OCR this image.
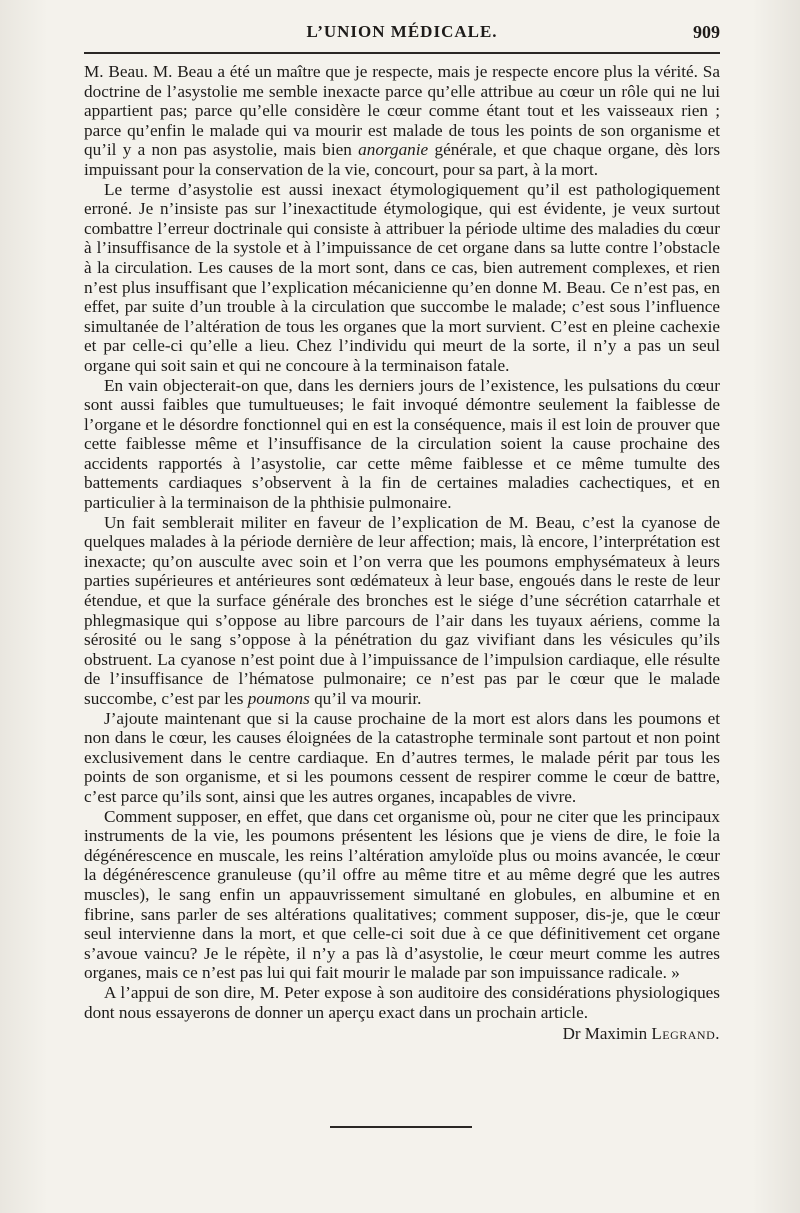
L’UNION MÉDICALE.	909

M. Beau. M. Beau a été un maître que je respecte, mais je respecte encore plus la vérité. Sa doctrine de l’asystolie me semble inexacte parce qu’elle attribue au cœur un rôle qui ne lui appartient pas; parce qu’elle considère le cœur comme étant tout et les vaisseaux rien ; parce qu’enfin le malade qui va mourir est malade de tous les points de son organisme et qu’il y a non pas asystolie, mais bien anorganie générale, et que chaque organe, dès lors impuissant pour la conservation de la vie, concourt, pour sa part, à la mort.

Le terme d’asystolie est aussi inexact étymologiquement qu’il est pathologiquement erroné. Je n’insiste pas sur l’inexactitude étymologique, qui est évidente, je veux surtout combattre l’erreur doctrinale qui consiste à attribuer la période ultime des maladies du cœur à l’insuffisance de la systole et à l’impuissance de cet organe dans sa lutte contre l’obstacle à la circulation. Les causes de la mort sont, dans ce cas, bien autrement complexes, et rien n’est plus insuffisant que l’explication mécanicienne qu’en donne M. Beau. Ce n’est pas, en effet, par suite d’un trouble à la circulation que succombe le malade; c’est sous l’influence simultanée de l’altération de tous les organes que la mort survient. C’est en pleine cachexie et par celle-ci qu’elle a lieu. Chez l’individu qui meurt de la sorte, il n’y a pas un seul organe qui soit sain et qui ne concoure à la terminaison fatale.

En vain objecterait-on que, dans les derniers jours de l’existence, les pulsations du cœur sont aussi faibles que tumultueuses; le fait invoqué démontre seulement la faiblesse de l’organe et le désordre fonctionnel qui en est la conséquence, mais il est loin de prouver que cette faiblesse même et l’insuffisance de la circulation soient la cause prochaine des accidents rapportés à l’asystolie, car cette même faiblesse et ce même tumulte des battements cardiaques s’observent à la fin de certaines maladies cachectiques, et en particulier à la terminaison de la phthisie pulmonaire.

Un fait semblerait militer en faveur de l’explication de M. Beau, c’est la cyanose de quelques malades à la période dernière de leur affection; mais, là encore, l’interprétation est inexacte; qu’on ausculte avec soin et l’on verra que les poumons emphysémateux à leurs parties supérieures et antérieures sont œdémateux à leur base, engoués dans le reste de leur étendue, et que la surface générale des bronches est le siége d’une sécrétion catarrhale et phlegmasique qui s’oppose au libre parcours de l’air dans les tuyaux aériens, comme la sérosité ou le sang s’oppose à la pénétration du gaz vivifiant dans les vésicules qu’ils obstruent. La cyanose n’est point due à l’impuissance de l’impulsion cardiaque, elle résulte de l’insuffisance de l’hématose pulmonaire; ce n’est pas par le cœur que le malade succombe, c’est par les poumons qu’il va mourir.

J’ajoute maintenant que si la cause prochaine de la mort est alors dans les poumons et non dans le cœur, les causes éloignées de la catastrophe terminale sont partout et non point exclusivement dans le centre cardiaque. En d’autres termes, le malade périt par tous les points de son organisme, et si les poumons cessent de respirer comme le cœur de battre, c’est parce qu’ils sont, ainsi que les autres organes, incapables de vivre.

Comment supposer, en effet, que dans cet organisme où, pour ne citer que les principaux instruments de la vie, les poumons présentent les lésions que je viens de dire, le foie la dégénérescence en muscale, les reins l’altération amyloïde plus ou moins avancée, le cœur la dégénérescence granuleuse (qu’il offre au même titre et au même degré que les autres muscles), le sang enfin un appauvrissement simultané en globules, en albumine et en fibrine, sans parler de ses altérations qualitatives; comment supposer, dis-je, que le cœur seul intervienne dans la mort, et que celle-ci soit due à ce que définitivement cet organe s’avoue vaincu? Je le répète, il n’y a pas là d’asystolie, le cœur meurt comme les autres organes, mais ce n’est pas lui qui fait mourir le malade par son impuissance radicale. »

A l’appui de son dire, M. Peter expose à son auditoire des considérations physiologiques dont nous essayerons de donner un aperçu exact dans un prochain article.

Dr Maximin Legrand.
